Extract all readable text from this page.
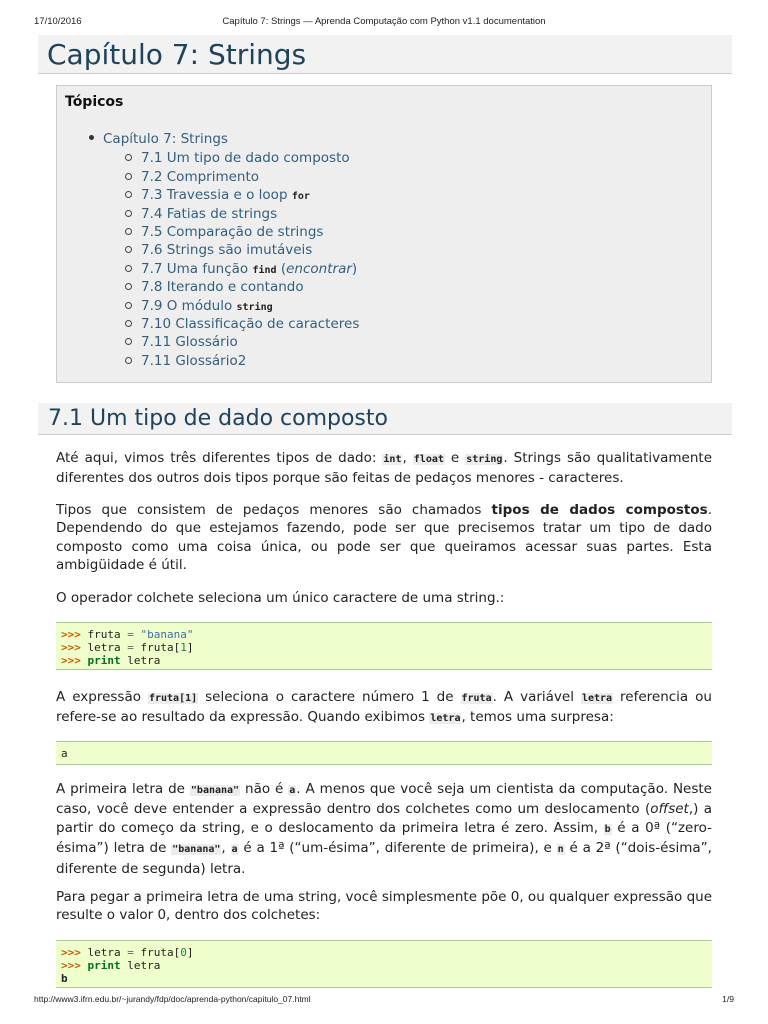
17/10/2016	Capítulo 7: Strings — Aprenda Computação com Python v1.1 documentation
Capítulo 7: Strings
Tópicos
Capítulo 7: Strings
7.1 Um tipo de dado composto
7.2 Comprimento
7.3 Travessia e o loop for
7.4 Fatias de strings
7.5 Comparação de strings
7.6 Strings são imutáveis
7.7 Uma função find (encontrar)
7.8 Iterando e contando
7.9 O módulo string
7.10 Classificação de caracteres
7.11 Glossário
7.11 Glossário2
7.1 Um tipo de dado composto

Até aqui, vimos três diferentes tipos de dado: int, float e string. Strings são qualitativamente diferentes dos outros dois tipos porque são feitas de pedaços menores - caracteres.

Tipos que consistem de pedaços menores são chamados tipos de dados compostos. Dependendo do que estejamos fazendo, pode ser que precisemos tratar um tipo de dado composto como uma coisa única, ou pode ser que queiramos acessar suas partes. Esta ambigüidade é útil.

O operador colchete seleciona um único caractere de uma string.:

>>> fruta = "banana"
>>> letra = fruta[1]
>>> print letra

A expressão fruta[1] seleciona o caractere número 1 de fruta. A variável letra referencia ou refere-se ao resultado da expressão. Quando exibimos letra, temos uma surpresa:

a

A primeira letra de "banana" não é a. A menos que você seja um cientista da computação. Neste caso, você deve entender a expressão dentro dos colchetes como um deslocamento (offset,) a partir do começo da string, e o deslocamento da primeira letra é zero. Assim, b é a 0ª (“zero-ésima”) letra de "banana", a é a 1ª (“um-ésima”, diferente de primeira), e n é a 2ª (“dois-ésima”, diferente de segunda) letra.

Para pegar a primeira letra de uma string, você simplesmente põe 0, ou qualquer expressão que resulte o valor 0, dentro dos colchetes:

>>> letra = fruta[0]
>>> print letra
b
http://www3.ifrn.edu.br/~jurandy/fdp/doc/aprenda-python/capitulo_07.html	1/9
